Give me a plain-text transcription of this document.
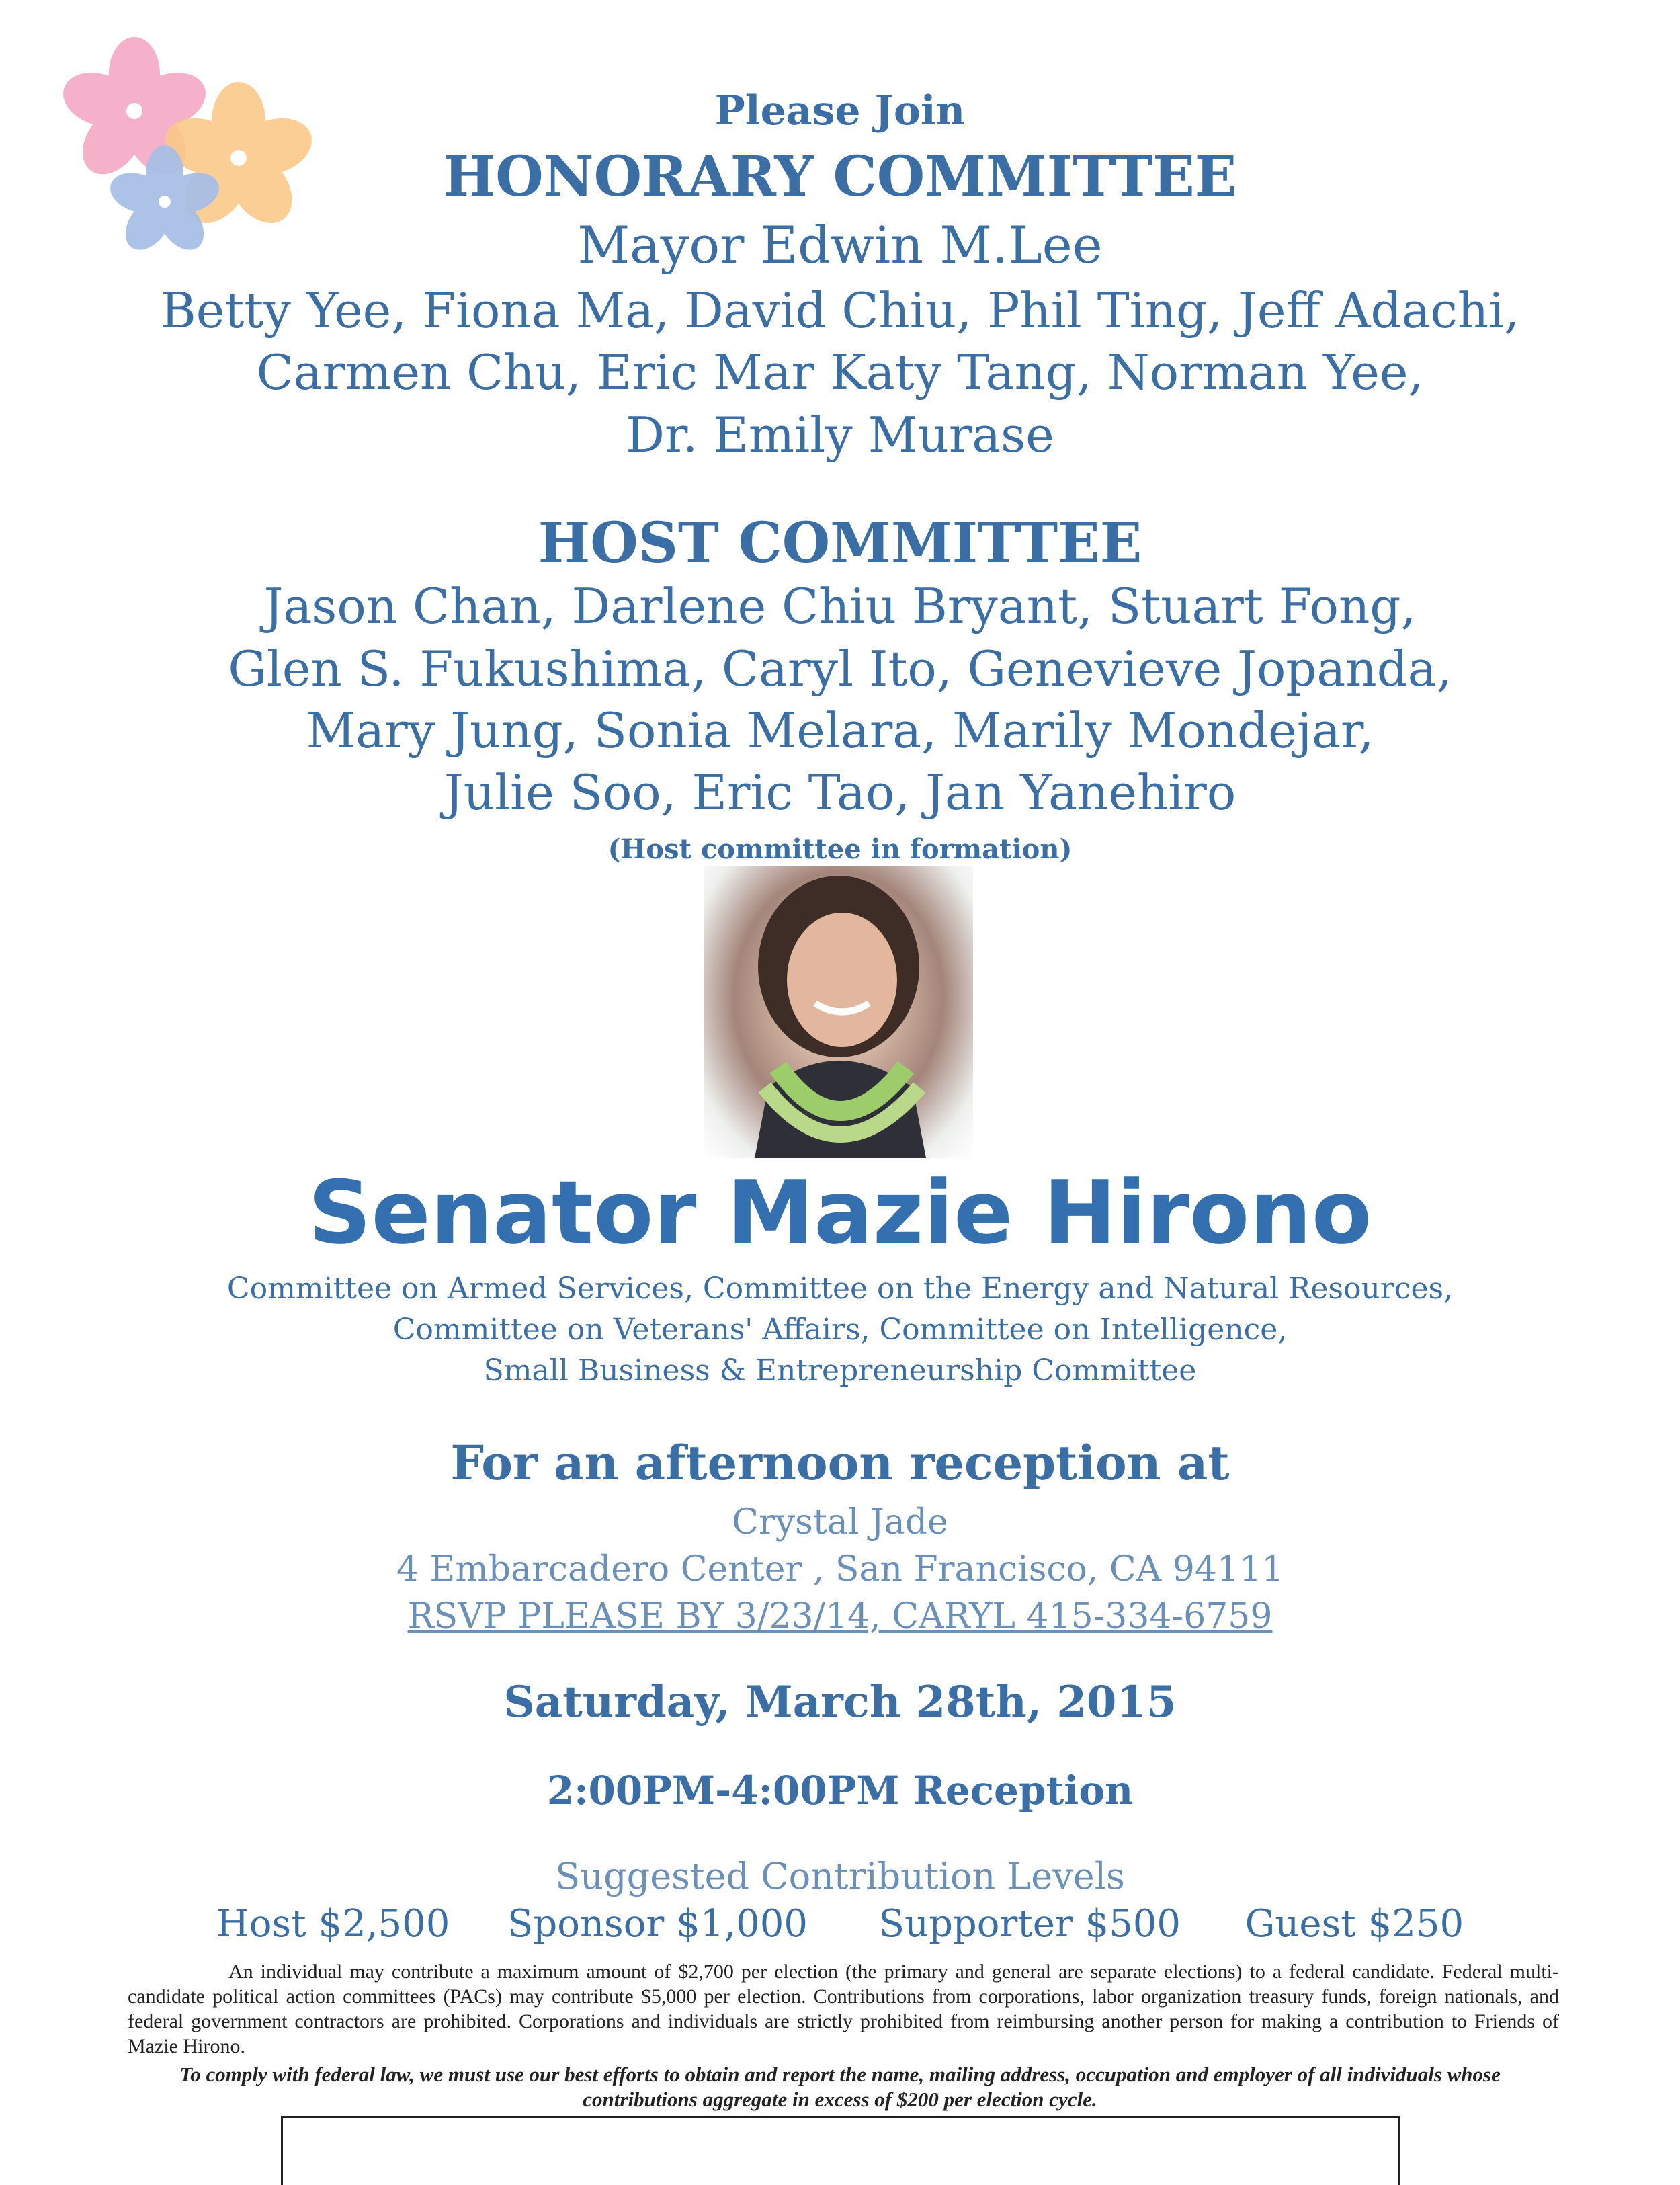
Please Join
HONORARY COMMITTEE
Mayor Edwin M.Lee
Betty Yee, Fiona Ma, David Chiu, Phil Ting, Jeff Adachi,
Carmen Chu, Eric Mar Katy Tang, Norman Yee,
Dr. Emily Murase
HOST COMMITTEE
Jason Chan, Darlene Chiu Bryant, Stuart Fong,
Glen S. Fukushima, Caryl Ito, Genevieve Jopanda,
Mary Jung, Sonia Melara, Marily Mondejar,
Julie Soo, Eric Tao, Jan Yanehiro
(Host committee in formation)
Senator Mazie Hirono
Committee on Armed Services, Committee on the Energy and Natural Resources,
Committee on Veterans' Affairs, Committee on Intelligence,
Small Business & Entrepreneurship Committee
For an afternoon reception at
Crystal Jade
4 Embarcadero Center , San Francisco, CA 94111
RSVP PLEASE BY 3/23/14, CARYL 415-334-6759
Saturday, March 28th, 2015
2:00PM-4:00PM Reception
Suggested Contribution Levels
Host $2,500 Sponsor $1,000 Supporter $500 Guest $250

An individual may contribute a maximum amount of $2,700 per election (the primary and general are separate elections) to a federal candidate. Federal multi-candidate political action committees (PACs) may contribute $5,000 per election. Contributions from corporations, labor organization treasury funds, foreign nationals, and federal government contractors are prohibited. Corporations and individuals are strictly prohibited from reimbursing another person for making a contribution to Friends of Mazie Hirono.

To comply with federal law, we must use our best efforts to obtain and report the name, mailing address, occupation and employer of all individuals whose contributions aggregate in excess of $200 per election cycle.
